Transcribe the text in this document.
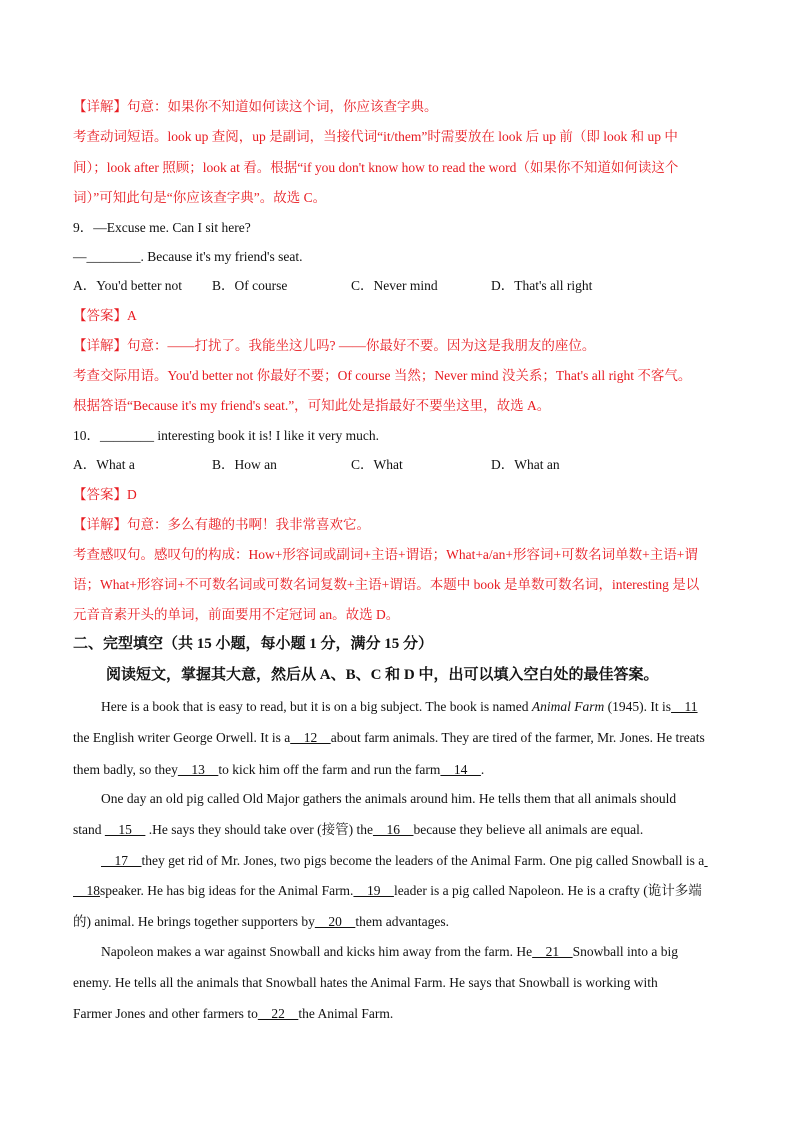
【详解】句意：如果你不知道如何读这个词，你应该查字典。
考查动词短语。look up 查阅，up 是副词，当接代词“it/them”时需要放在 look 后 up 前（即 look 和 up 中
间）；look after 照顾；look at 看。根据“if you don't know how to read the word（如果你不知道如何读这个
词）”可知此句是“你应该查字典”。故选 C。
9．—Excuse me. Can I sit here?
—________. Because it's my friend's seat.
A．You'd better not B．Of course	C．Never mind	D．That's all right
【答案】A
【详解】句意：——打扰了。我能坐这儿吗? ——你最好不要。因为这是我朋友的座位。
考查交际用语。You'd better not 你最好不要；Of course 当然；Never mind 没关系；That's all right 不客气。
根据答语“Because it's my friend's seat.”，可知此处是指最好不要坐这里，故选 A。
10．________ interesting book it is! I like it very much.
A．What a	B．How an	C．What	D．What an
【答案】D
【详解】句意：多么有趣的书啊！我非常喜欢它。
考查感叹句。感叹句的构成：How+形容词或副词+主语+谓语；What+a/an+形容词+可数名词单数+主语+谓
语；What+形容词+不可数名词或可数名词复数+主语+谓语。本题中 book 是单数可数名词，interesting 是以
元音音素开头的单词，前面要用不定冠词 an。故选 D。
二、完型填空（共 15 小题，每小题 1 分，满分 15 分）
阅读短文，掌握其大意，然后从 A、B、C 和 D 中，出可以填入空白处的最佳答案。
Here is a book that is easy to read, but it is on a big subject. The book is named Animal Farm (1945). It is    11
the English writer George Orwell. It is a    12    about farm animals. They are tired of the farmer, Mr. Jones. He treats
them badly, so they    13    to kick him off the farm and run the farm    14    .
One day an old pig called Old Major gathers the animals around him. He tells them that all animals should
stand     15     .He says they should take over (接管) the    16    because they believe all animals are equal.
17    they get rid of Mr. Jones, two pigs become the leaders of the Animal Farm. One pig called Snowball is a
18speaker. He has big ideas for the Animal Farm.    19    leader is a pig called Napoleon. He is a crafty (诡计多端
的) animal. He brings together supporters by    20    them advantages.
Napoleon makes a war against Snowball and kicks him away from the farm. He    21    Snowball into a big
enemy. He tells all the animals that Snowball hates the Animal Farm. He says that Snowball is working with
Farmer Jones and other farmers to    22    the Animal Farm.
